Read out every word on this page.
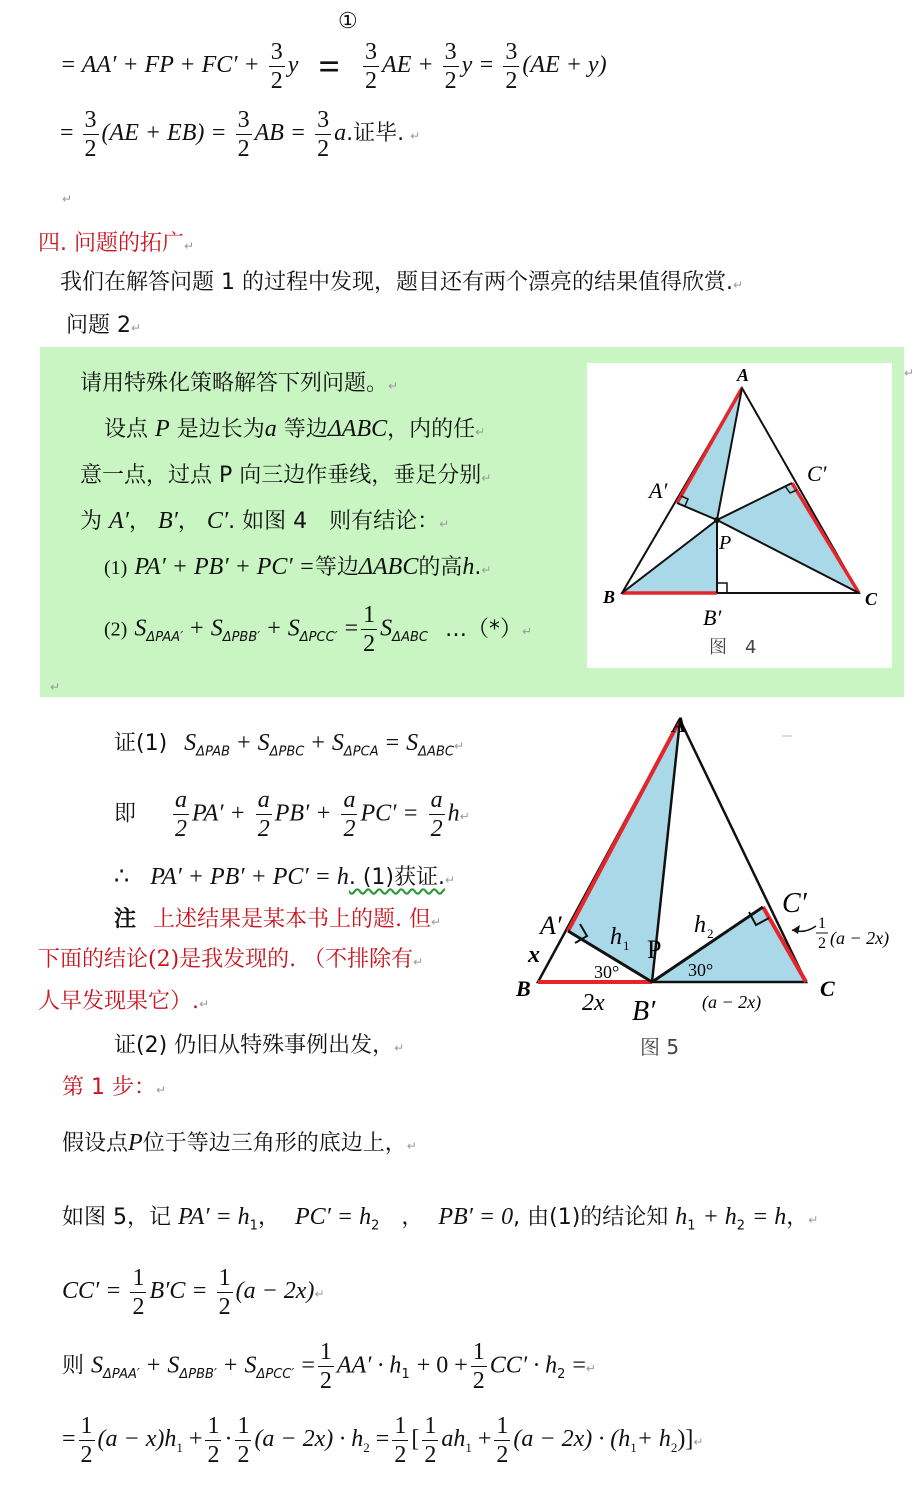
①
= AA′ + FP + $FC' + \frac{3}{2}$ $y = \frac{3}{2}$ AE + $\frac{3}{2}$ $y = \frac{3}{2} (AE + y)$
= $\frac{3}{2} (AE + EB) = \frac{3}{2}$ AB = $\frac{3}{2} a$.证毕. ↵
↵
四. 问题的拓广↵
我们在解答问题 1 的过程中发现，题目还有两个漂亮的结果值得欣赏.↵
问题 2↵
请用特殊化策略解答下列问题。↵
设点 P 是边长为a 等边ΔABC，内的任↵
意一点，过点 P 向三边作垂线，垂足分别↵
为 A′， B′， C′. 如图 4　则有结论：↵
(1) PA′ + PB′ + PC′ =等边ΔABC的高h.↵
(2) $S_{\Delta PAA'} + S_{\Delta PBB'} + S_{\Delta PCC'} = \frac{1}{2} S_{\Delta ABC}$ …（*）↵
↵
↵
A
B	C
A′
B′
C′
P
图　4
证(1) $S_{\Delta PAB} + S_{\Delta PBC} + S_{\Delta PCA}$ = $S_{\Delta ABC}↵$
即 $\frac{a}{2} PA' + \frac{a}{2} PB' + \frac{a}{2} PC' = \frac{a}{2}$ h↵
∴ PA′ + PB′ + PC′ = h. (1)获证.↵
注 上述结果是某本书上的题. 但↵
下面的结论(2)是我发现的. （不排除有↵
人早发现果它）.↵
证(2) 仍旧从特殊事例出发，↵
A
A′
x
B
B′
C
C′
P
h 1
h 2
30°	30°
2x	(a − 2x)
1
2 (a − 2x)
图 5
第 1 步：↵
假设点P位于等边三角形的底边上，↵
如图 5，记 $PA' = h_1$， $PC' = h_2$　， PB′ = 0, 由(1)的结论知 $h_1 + h_2 = h$，↵
$CC' = \frac{1}{2} B'C = \frac{1}{2} (a$ − 2x)↵
则 $S_{\Delta PAA'} + S_{\Delta PBB'} + S_{\Delta PCC'} = \frac{1}{2} AA' \cdot h_1 + 0 + \frac{1}{2} CC' \cdot h_2$ =↵
= $\frac{1}{2} (a - x)h_1 + \frac{1}{2} \cdot \frac{1}{2} (a - 2x) \cdot h_2 = \frac{1}{2}$ [ $\frac{1}{2} ah_1 + \frac{1}{2} (a - 2x) \cdot (h_1+$ $h_2)]↵$
